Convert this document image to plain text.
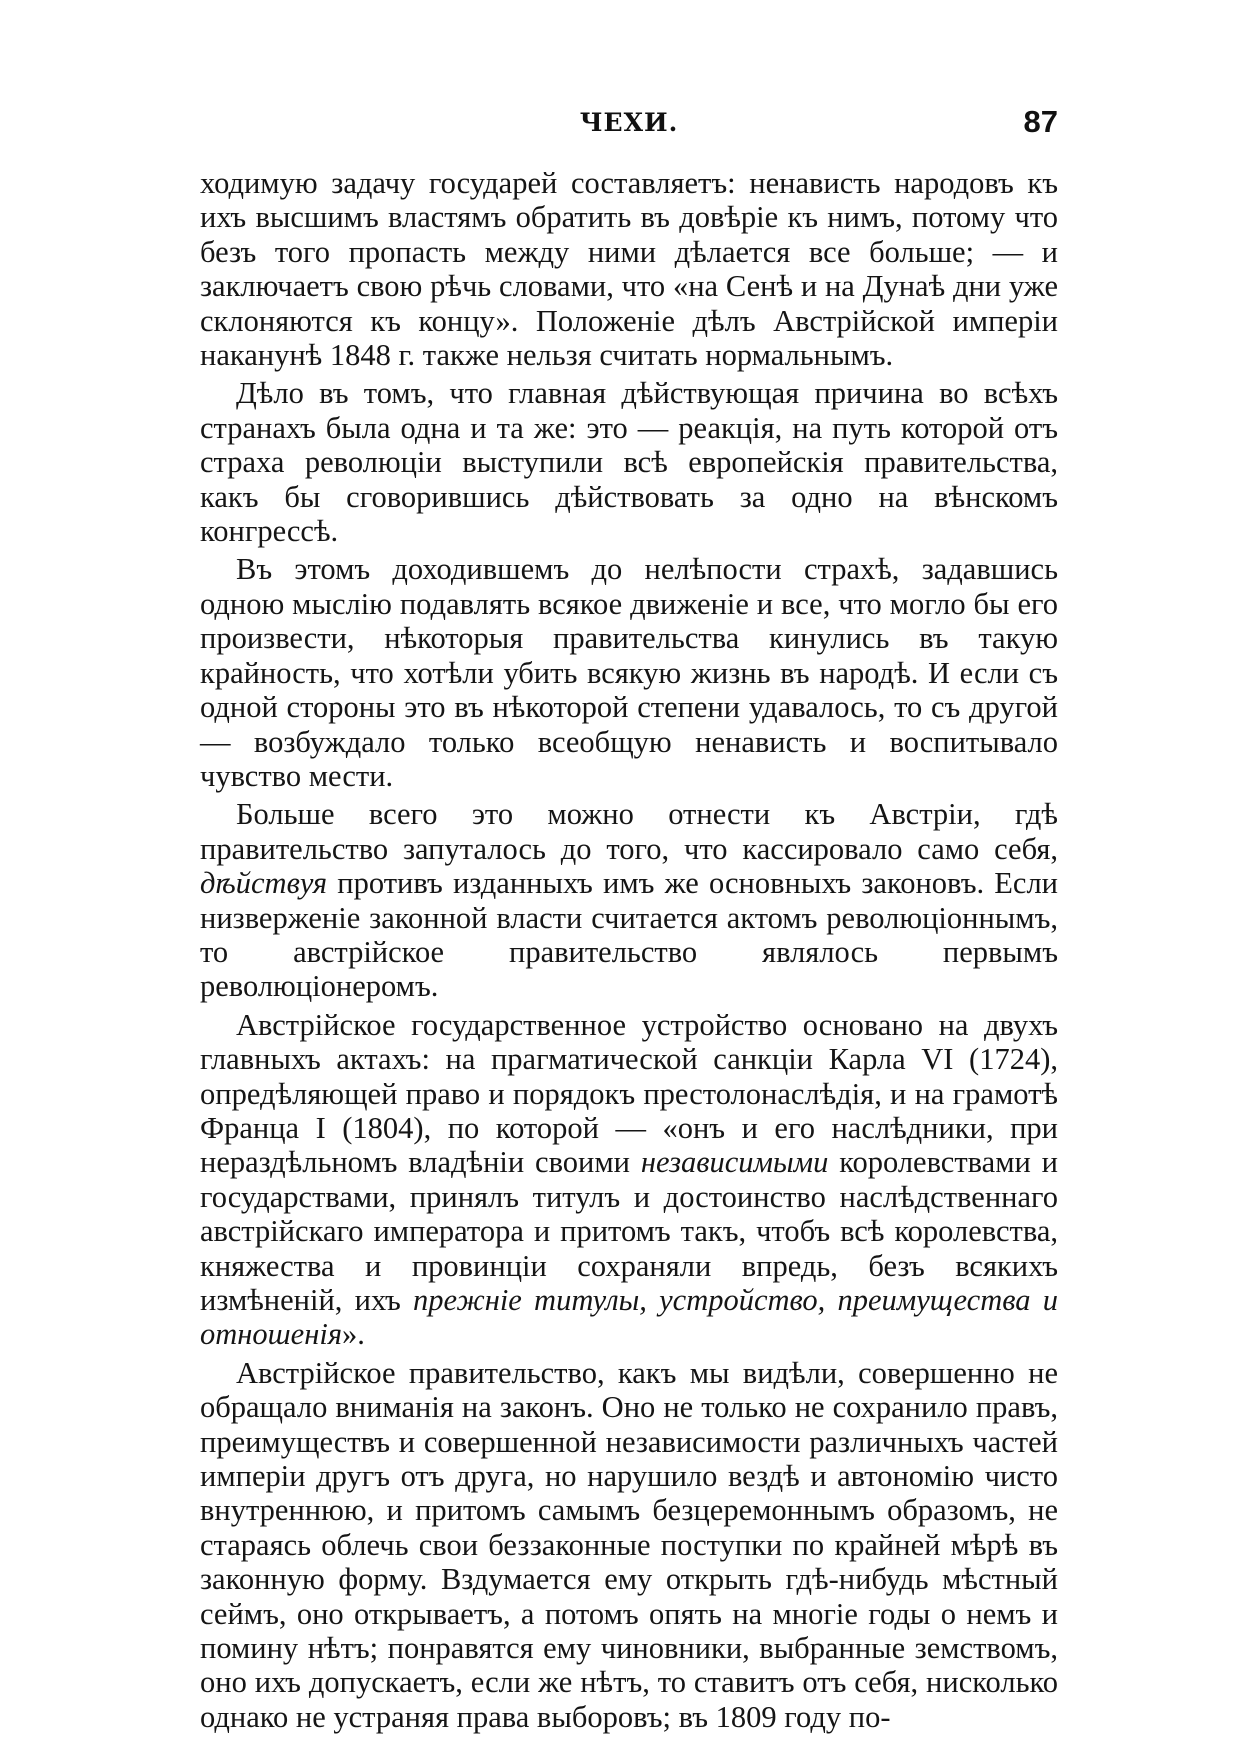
ЧЕХИ.	87

ходимую задачу государей составляетъ: ненависть народовъ къ ихъ высшимъ властямъ обратить въ довѣріе къ нимъ, потому что безъ того пропасть между ними дѣлается все больше; — и заключаетъ свою рѣчь словами, что «на Сенѣ и на Дунаѣ дни уже склоняются къ концу». Положеніе дѣлъ Австрійской имперіи наканунѣ 1848 г. также нельзя считать нормальнымъ.

Дѣло въ томъ, что главная дѣйствующая причина во всѣхъ странахъ была одна и та же: это — реакція, на путь которой отъ страха революціи выступили всѣ европейскія правительства, какъ бы сговорившись дѣйствовать за одно на вѣнскомъ конгрессѣ.

Въ этомъ доходившемъ до нелѣпости страхѣ, задавшись одною мыслію подавлять всякое движеніе и все, что могло бы его произвести, нѣкоторыя правительства кинулись въ такую крайность, что хотѣли убить всякую жизнь въ народѣ. И если съ одной стороны это въ нѣкоторой степени удавалось, то съ другой — возбуждало только всеобщую ненависть и воспитывало чувство мести.

Больше всего это можно отнести къ Австріи, гдѣ правительство запуталось до того, что кассировало само себя, дѣйствуя противъ изданныхъ имъ же основныхъ законовъ. Если низверженіе законной власти считается актомъ революціоннымъ, то австрійское правительство являлось первымъ революціонеромъ.

Австрійское государственное устройство основано на двухъ главныхъ актахъ: на прагматической санкціи Карла VI (1724), опредѣляющей право и порядокъ престолонаслѣдія, и на грамотѣ Франца I (1804), по которой — «онъ и его наслѣдники, при нераздѣльномъ владѣніи своими независимыми королевствами и государствами, принялъ титулъ и достоинство наслѣдственнаго австрійскаго императора и притомъ такъ, чтобъ всѣ королевства, княжества и провинціи сохраняли впредь, безъ всякихъ измѣненій, ихъ прежніе титулы, устройство, преимущества и отношенія».

Австрійское правительство, какъ мы видѣли, совершенно не обращало вниманія на законъ. Оно не только не сохранило правъ, преимуществъ и совершенной независимости различныхъ частей имперіи другъ отъ друга, но нарушило вездѣ и автономію чисто внутреннюю, и притомъ самымъ безцеремоннымъ образомъ, не стараясь облечь свои беззаконные поступки по крайней мѣрѣ въ законную форму. Вздумается ему открыть гдѣ-нибудь мѣстный сеймъ, оно открываетъ, а потомъ опять на многіе годы о немъ и помину нѣтъ; понравятся ему чиновники, выбранные земствомъ, оно ихъ допускаетъ, если же нѣтъ, то ставитъ отъ себя, нисколько однако не устраняя права выборовъ; въ 1809 году по-
